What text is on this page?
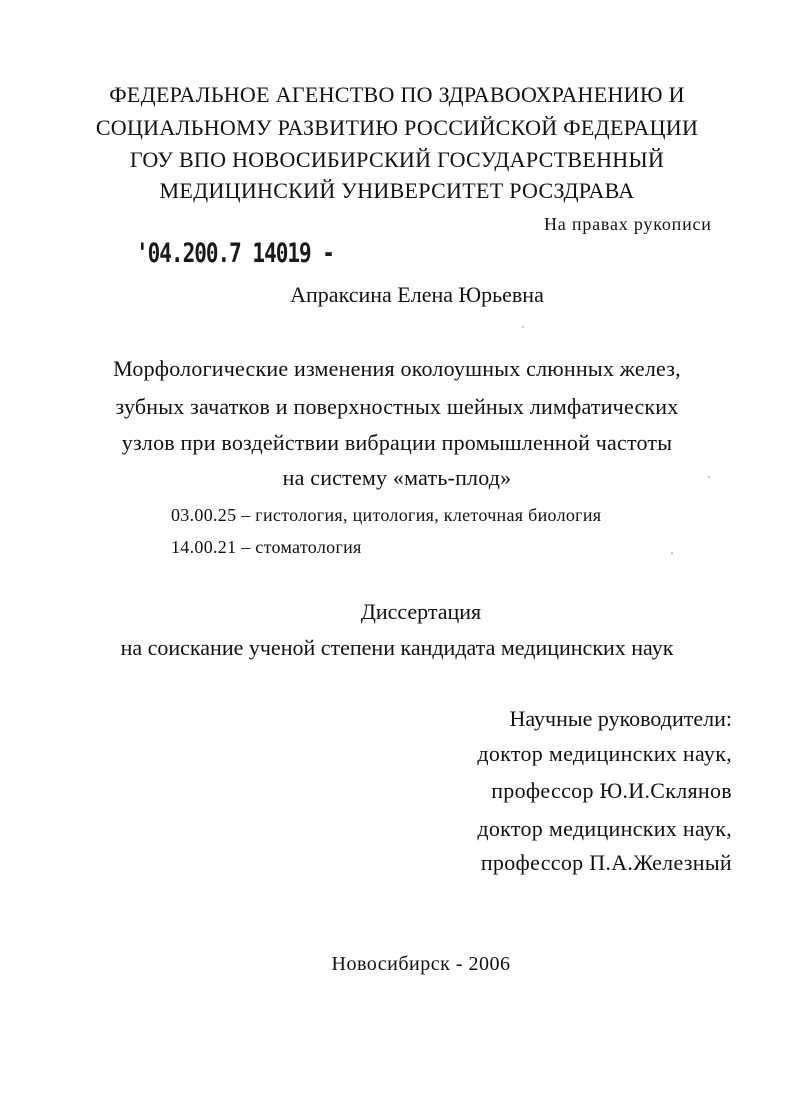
ФЕДЕРАЛЬНОЕ АГЕНСТВО ПО ЗДРАВООХРАНЕНИЮ И
СОЦИАЛЬНОМУ РАЗВИТИЮ РОССИЙСКОЙ ФЕДЕРАЦИИ
ГОУ ВПО НОВОСИБИРСКИЙ ГОСУДАРСТВЕННЫЙ
МЕДИЦИНСКИЙ УНИВЕРСИТЕТ РОСЗДРАВА
На правах рукописи
'04.200.7 14019 -
Апраксина Елена Юрьевна
Морфологические изменения околоушных слюнных желез,
зубных зачатков и поверхностных шейных лимфатических
узлов при воздействии вибрации промышленной частоты
на систему «мать-плод»
03.00.25 – гистология, цитология, клеточная биология
14.00.21 – стоматология
Диссертация
на соискание ученой степени кандидата медицинских наук
Научные руководители:
доктор медицинских наук,
профессор Ю.И.Склянов
доктор медицинских наук,
профессор П.А.Железный
Новосибирск - 2006
